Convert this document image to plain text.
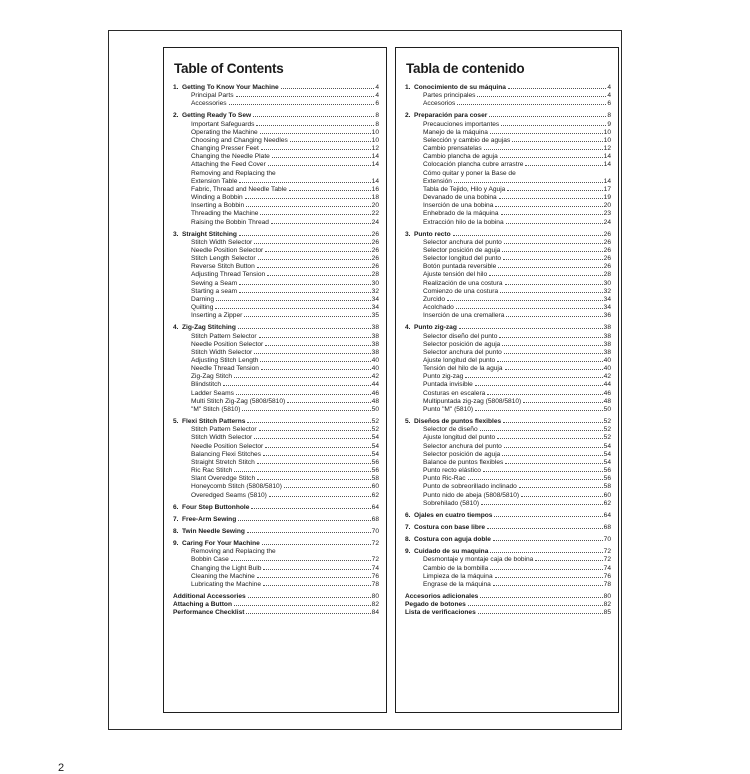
Table of Contents
1. Getting To Know Your Machine	4
Principal Parts	4
Accessories	6
2. Getting Ready To Sew	8
Important Safeguards	8
Operating the Machine	10
Choosing and Changing Needles	10
Changing Presser Feet	12
Changing the Needle Plate	14
Attaching the Feed Cover	14
Removing and Replacing the
Extension Table	14
Fabric, Thread and Needle Table	16
Winding a Bobbin	18
Inserting a Bobbin	20
Threading the Machine	22
Raising the Bobbin Thread	24
3. Straight Stitching	26
Stitch Width Selector	26
Needle Position Selector	26
Stitch Length Selector	26
Reverse Stitch Button	26
Adjusting Thread Tension	28
Sewing a Seam	30
Starting a seam	32
Darning	34
Quilting	34
Inserting a Zipper	35
4. Zig-Zag Stitching	38
Stitch Pattern Selector	38
Needle Position Selector	38
Stitch Width Selector	38
Adjusting Stitch Length	40
Needle Thread Tension	40
Zig-Zag Stitch	42
Blindstitch	44
Ladder Seams	46
Multi Stitch Zig-Zag (5808/5810)	48
"M" Stitch (5810)	50
5. Flexi Stitch Patterns	52
Stitch Pattern Selector	52
Stitch Width Selector	54
Needle Position Selector	54
Balancing Flexi Stitches	54
Straight Stretch Stitch	56
Ric Rac Stitch	56
Slant Overedge Stitch	58
Honeycomb Stitch (5808/5810)	60
Overedged Seams (5810)	62
6. Four Step Buttonhole	64
7. Free-Arm Sewing	68
8. Twin Needle Sewing	70
9. Caring For Your Machine	72
Removing and Replacing the
Bobbin Case	72
Changing the Light Bulb	74
Cleaning the Machine	76
Lubricating the Machine	78
Additional Accessories	80
Attaching a Button	82
Performance Checklist	84
Tabla de contenido
1. Conocimiento de su máquina	4
Partes principales	4
Accesorios	6
2. Preparación para coser	8
Precauciones importantes	9
Manejo de la máquina	10
Selección y cambio de agujas	10
Cambio prensatelas	12
Cambio plancha de aguja	14
Colocación plancha cubre arrastre	14
Cómo quitar y poner la Base de
Extensión	14
Tabla de Tejido, Hilo y Aguja	17
Devanado de una bobina	19
Inserción de una bobina	20
Enhebrado de la máquina	23
Extracción hilo de la bobina	24
3. Punto recto	26
Selector anchura del punto	26
Selector posición de aguja	26
Selector longitud del punto	26
Botón puntada reversible	26
Ajuste tensión del hilo	28
Realización de una costura	30
Comienzo de una costura	32
Zurcido	34
Acolchado	34
Inserción de una cremallera	36
4. Punto zig-zag	38
Selector diseño del punto	38
Selector posición de aguja	38
Selector anchura del punto	38
Ajuste longitud del punto	40
Tensión del hilo de la aguja	40
Punto zig-zag	42
Puntada invisible	44
Costuras en escalera	46
Multipuntada zig-zag (5808/5810)	48
Punto "M" (5810)	50
5. Diseños de puntos flexibles	52
Selector de diseño	52
Ajuste longitud del punto	52
Selector anchura del punto	54
Selector posición de aguja	54
Balance de puntos flexibles	54
Punto recto elástico	56
Punto Ric-Rac	56
Punto de sobreorillado inclinado	58
Punto nido de abeja (5808/5810)	60
Sobrehilado (5810)	62
6. Ojales en cuatro tiempos	64
7. Costura con base libre	68
8. Costura con aguja doble	70
9. Cuidado de su maquina	72
Desmontaje y montaje caja de bobina	72
Cambio de la bombilla	74
Limpieza de la máquina	76
Engrase de la máquina	78
Accesorios adicionales	80
Pegado de botones	82
Lista de verificaciones	85
2
